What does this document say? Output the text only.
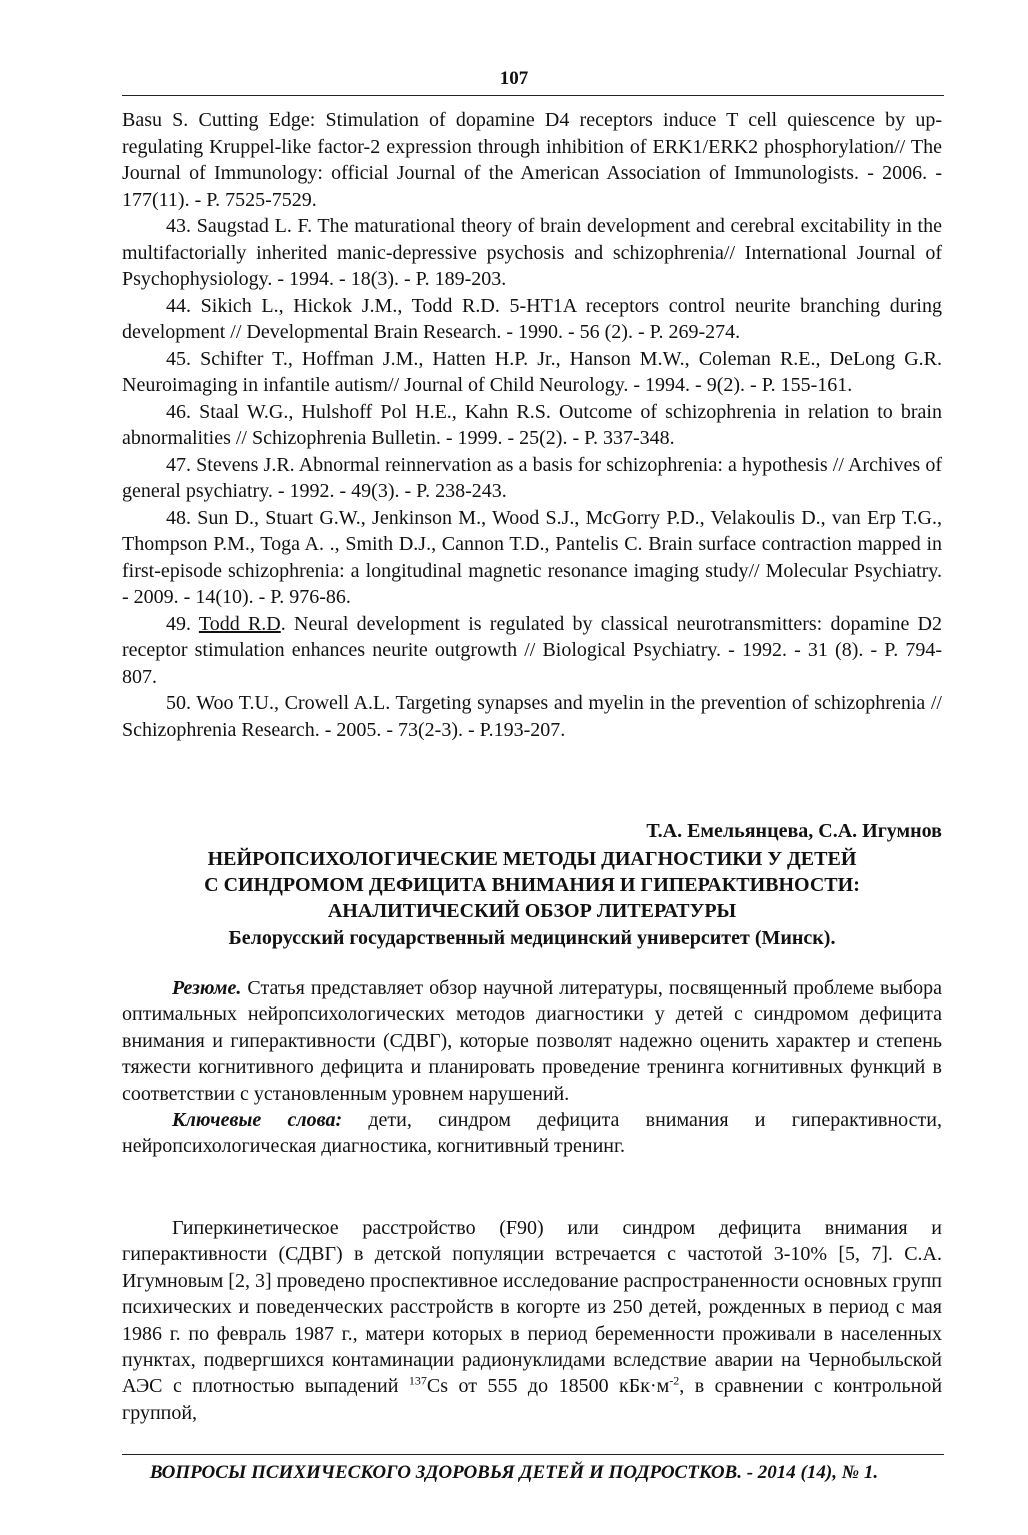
107

Basu S. Cutting Edge: Stimulation of dopamine D4 receptors induce T cell quiescence by up-regulating Kruppel-like factor-2 expression through inhibition of ERK1/ERK2 phosphorylation// The Journal of Immunology: official Journal of the American Association of Immunologists. - 2006. - 177(11). - P. 7525-7529.

43. Saugstad L. F. The maturational theory of brain development and cerebral excitability in the multifactorially inherited manic-depressive psychosis and schizophrenia// International Journal of Psychophysiology. - 1994. - 18(3). - P. 189-203.

44. Sikich L., Hickok J.M., Todd R.D. 5-HT1A receptors control neurite branching during development // Developmental Brain Research. - 1990. - 56 (2). - P. 269-274.

45. Schifter T., Hoffman J.M., Hatten H.P. Jr., Hanson M.W., Coleman R.E., DeLong G.R. Neuroimaging in infantile autism// Journal of Child Neurology. - 1994. - 9(2). - P. 155-161.

46. Staal W.G., Hulshoff Pol H.E., Kahn R.S. Outcome of schizophrenia in relation to brain abnormalities // Schizophrenia Bulletin. - 1999. - 25(2). - P. 337-348.

47. Stevens J.R. Abnormal reinnervation as a basis for schizophrenia: a hypothesis // Archives of general psychiatry. - 1992. - 49(3). - P. 238-243.

48. Sun D., Stuart G.W., Jenkinson M., Wood S.J., McGorry P.D., Velakoulis D., van Erp T.G., Thompson P.M., Toga A. ., Smith D.J., Cannon T.D., Pantelis C. Brain surface contraction mapped in first-episode schizophrenia: a longitudinal magnetic resonance imaging study// Molecular Psychiatry. - 2009. - 14(10). - P. 976-86.

49. Todd R.D. Neural development is regulated by classical neurotransmitters: dopamine D2 receptor stimulation enhances neurite outgrowth // Biological Psychiatry. - 1992. - 31 (8). - P. 794-807.

50. Woo T.U., Crowell A.L. Targeting synapses and myelin in the prevention of schizophrenia // Schizophrenia Research. - 2005. - 73(2-3). - P.193-207.

Т.А. Емельянцева, С.А. Игумнов
НЕЙРОПСИХОЛОГИЧЕСКИЕ МЕТОДЫ ДИАГНОСТИКИ У ДЕТЕЙ
С СИНДРОМОМ ДЕФИЦИТА ВНИМАНИЯ И ГИПЕРАКТИВНОСТИ:
АНАЛИТИЧЕСКИЙ ОБЗОР ЛИТЕРАТУРЫ
Белорусский государственный медицинский университет (Минск).

Резюме. Статья представляет обзор научной литературы, посвященный проблеме выбора оптимальных нейропсихологических методов диагностики у детей с синдромом дефицита внимания и гиперактивности (СДВГ), которые позволят надежно оценить характер и степень тяжести когнитивного дефицита и планировать проведение тренинга когнитивных функций в соответствии с установленным уровнем нарушений.

Ключевые слова: дети, синдром дефицита внимания и гиперактивности, нейропсихологическая диагностика, когнитивный тренинг.

Гиперкинетическое расстройство (F90) или синдром дефицита внимания и гиперактивности (СДВГ) в детской популяции встречается с частотой 3-10% [5, 7]. С.А. Игумновым [2, 3] проведено проспективное исследование распространенности основных групп психических и поведенческих расстройств в когорте из 250 детей, рожденных в период с мая 1986 г. по февраль 1987 г., матери которых в период беременности проживали в населенных пунктах, подвергшихся контаминации радионуклидами вследствие аварии на Чернобыльской АЭС с плотностью выпадений $^{137}$Cs от 555 до 18500 $кБк\cdot м^{-2}$, в сравнении с контрольной группой,

ВОПРОСЫ ПСИХИЧЕСКОГО ЗДОРОВЬЯ ДЕТЕЙ И ПОДРОСТКОВ. - 2014 (14), № 1.
